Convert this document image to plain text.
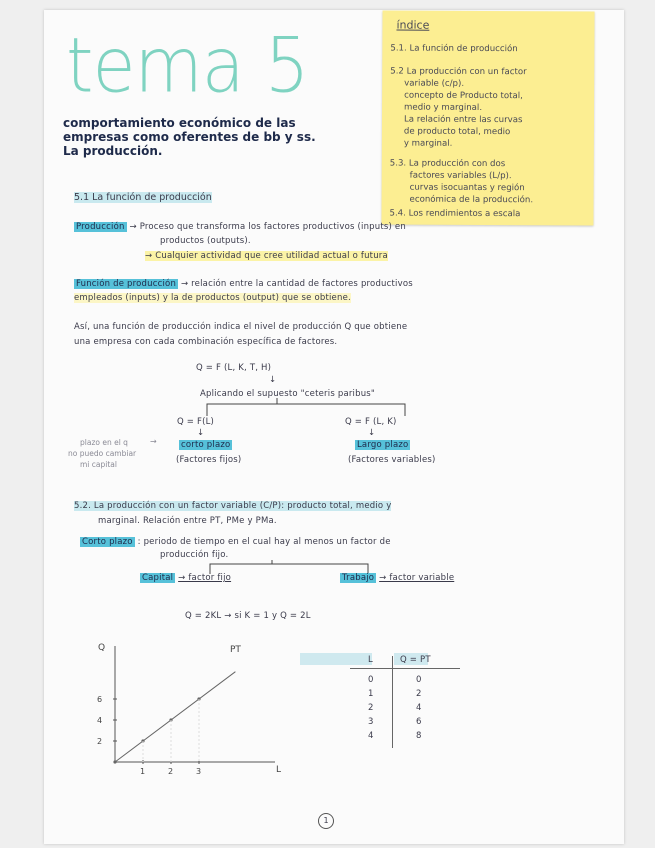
tema 5
comportamiento económico de las
empresas como oferentes de bb y ss.
La producción.
índice
5.1. La función de producción
5.2 La producción con un factor
variable (c/p).
concepto de Producto total,
medio y marginal.
La relación entre las curvas
de producto total, medio
y marginal.
5.3. La producción con dos
factores variables (L/p).
curvas isocuantas y región
económica de la producción.
5.4. Los rendimientos a escala
5.1 La función de producción
Producción → Proceso que transforma los factores productivos (inputs) en
productos (outputs).
→ Cualquier actividad que cree utilidad actual o futura
Función de producción → relación entre la cantidad de factores productivos
empleados (inputs) y la de productos (output) que se obtiene.
Así, una función de producción indica el nivel de producción Q que obtiene
una empresa con cada combinación específica de factores.
Q = F (L, K, T, H)
↓
Aplicando el supuesto "ceteris paribus"
Q = F(L)	Q = F (L, K)
↓	↓
corto plazo	Largo plazo
(Factores fijos)	(Factores variables)
plazo en el q
no puedo cambiar
mi capital
→
5.2. La producción con un factor variable (C/P): producto total, medio y
marginal. Relación entre PT, PMe y PMa.
Corto plazo : periodo de tiempo en el cual hay al menos un factor de
producción fijo.
Capital → factor fijo	Trabajo → factor variable
Q = 2KL → si K = 1 y Q = 2L
Q
L
PT
1	2	3
2
4
6
L	Q = PT
0	0
1	2
2	4
3	6
4	8
1
